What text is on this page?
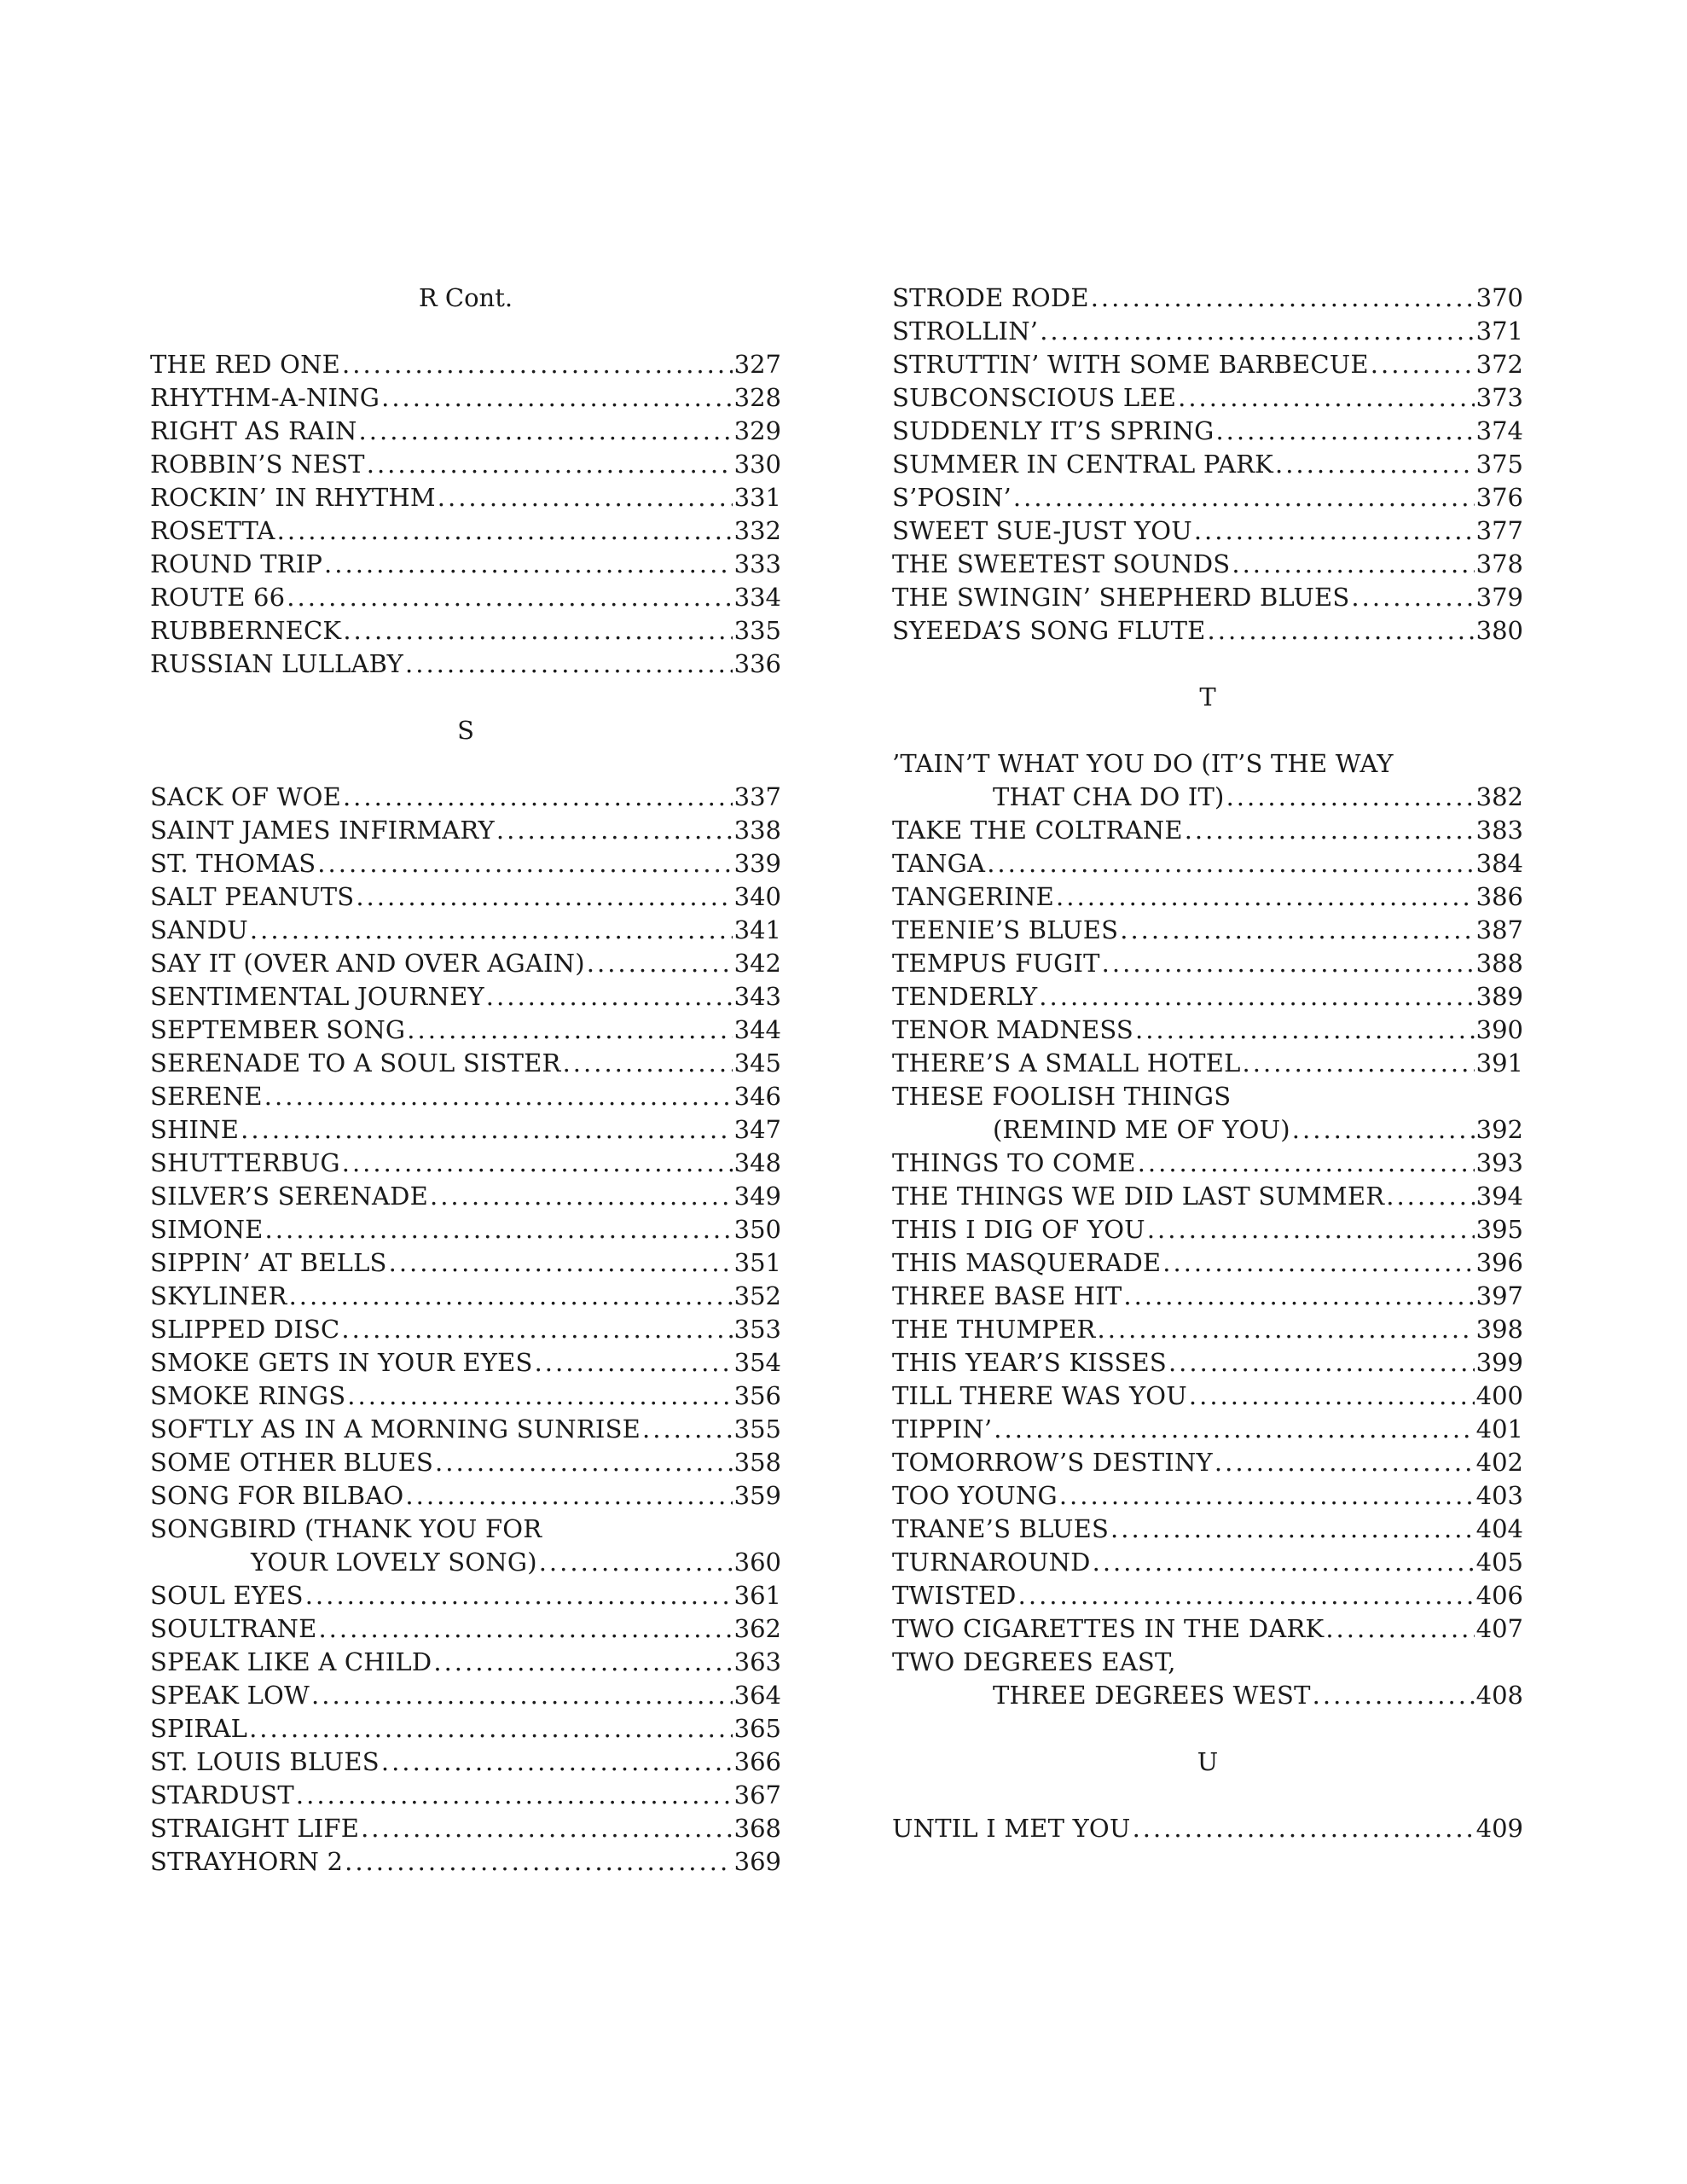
R Cont.
THE RED ONE .....	327
RHYTHM-A-NING .....	328
RIGHT AS RAIN .....	329
ROBBIN’S NEST .....	330
ROCKIN’ IN RHYTHM .....	331
ROSETTA .....	332
ROUND TRIP .....	333
ROUTE 66 .....	334
RUBBERNECK .....	335
RUSSIAN LULLABY .....	336
S
SACK OF WOE .....	337
SAINT JAMES INFIRMARY .....	338
ST. THOMAS .....	339
SALT PEANUTS .....	340
SANDU .....	341
SAY IT (OVER AND OVER AGAIN) .....	342
SENTIMENTAL JOURNEY .....	343
SEPTEMBER SONG .....	344
SERENADE TO A SOUL SISTER .....	345
SERENE .....	346
SHINE .....	347
SHUTTERBUG .....	348
SILVER’S SERENADE .....	349
SIMONE .....	350
SIPPIN’ AT BELLS .....	351
SKYLINER .....	352
SLIPPED DISC .....	353
SMOKE GETS IN YOUR EYES .....	354
SMOKE RINGS .....	356
SOFTLY AS IN A MORNING SUNRISE .....	355
SOME OTHER BLUES .....	358
SONG FOR BILBAO .....	359
SONGBIRD (THANK YOU FOR
YOUR LOVELY SONG) .....	360
SOUL EYES .....	361
SOULTRANE .....	362
SPEAK LIKE A CHILD .....	363
SPEAK LOW .....	364
SPIRAL .....	365
ST. LOUIS BLUES .....	366
STARDUST .....	367
STRAIGHT LIFE .....	368
STRAYHORN 2 .....	369
STRODE RODE .....	370
STROLLIN’ .....	371
STRUTTIN’ WITH SOME BARBECUE .....	372
SUBCONSCIOUS LEE .....	373
SUDDENLY IT’S SPRING .....	374
SUMMER IN CENTRAL PARK .....	375
S’POSIN’ .....	376
SWEET SUE-JUST YOU .....	377
THE SWEETEST SOUNDS .....	378
THE SWINGIN’ SHEPHERD BLUES .....	379
SYEEDA’S SONG FLUTE .....	380
T
’TAIN’T WHAT YOU DO (IT’S THE WAY
THAT CHA DO IT) .....	382
TAKE THE COLTRANE .....	383
TANGA .....	384
TANGERINE .....	386
TEENIE’S BLUES .....	387
TEMPUS FUGIT .....	388
TENDERLY .....	389
TENOR MADNESS .....	390
THERE’S A SMALL HOTEL .....	391
THESE FOOLISH THINGS
(REMIND ME OF YOU) .....	392
THINGS TO COME .....	393
THE THINGS WE DID LAST SUMMER .....	394
THIS I DIG OF YOU .....	395
THIS MASQUERADE .....	396
THREE BASE HIT .....	397
THE THUMPER .....	398
THIS YEAR’S KISSES .....	399
TILL THERE WAS YOU .....	400
TIPPIN’ .....	401
TOMORROW’S DESTINY .....	402
TOO YOUNG .....	403
TRANE’S BLUES .....	404
TURNAROUND .....	405
TWISTED .....	406
TWO CIGARETTES IN THE DARK .....	407
TWO DEGREES EAST,
THREE DEGREES WEST .....	408
U
UNTIL I MET YOU .....	409
